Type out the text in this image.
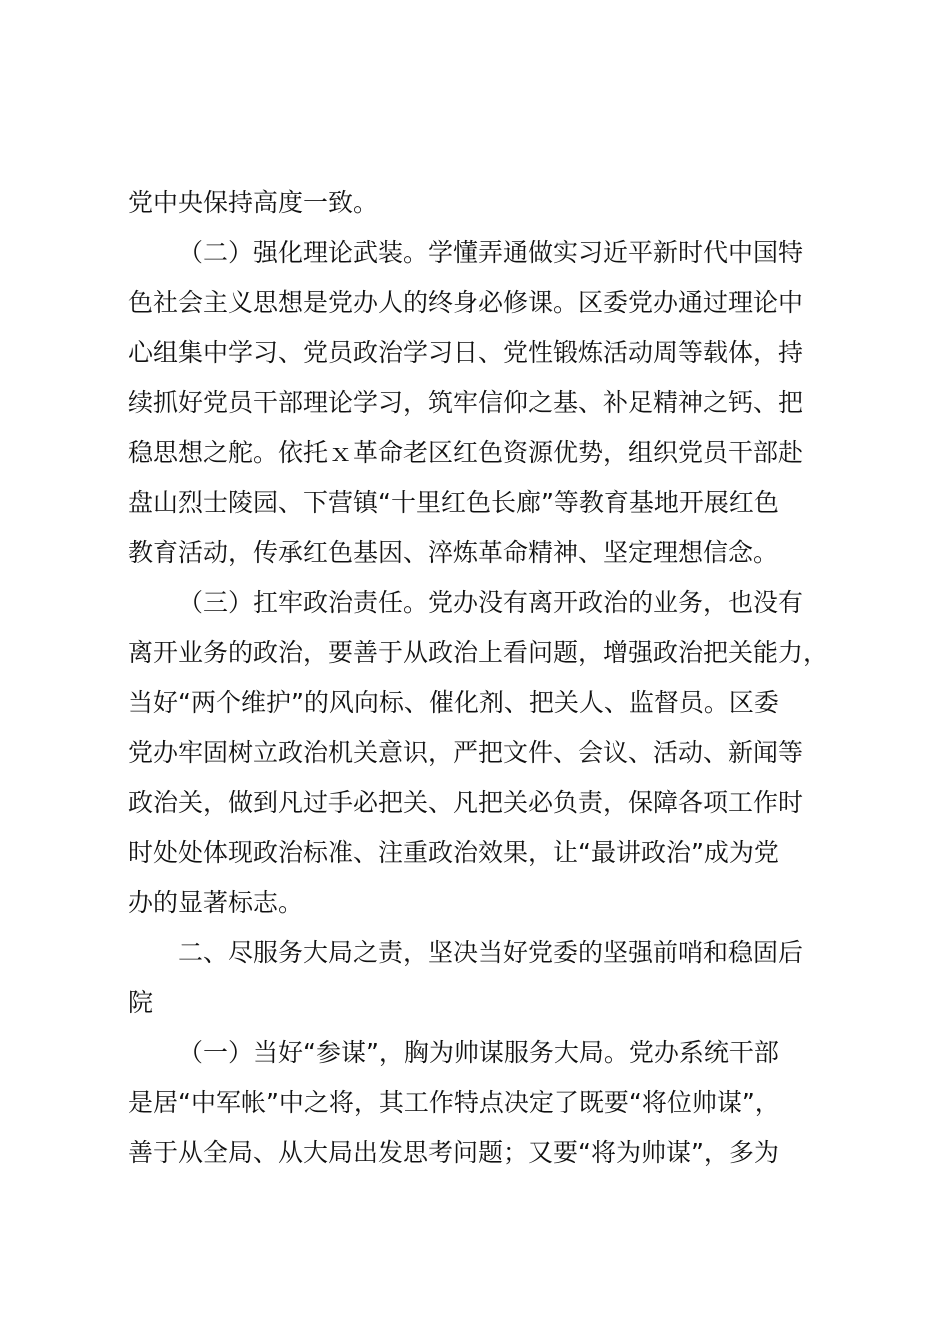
党中央保持高度一致。
（二）强化理论武装。学懂弄通做实习近平新时代中国特
色社会主义思想是党办人的终身必修课。区委党办通过理论中
心组集中学习、党员政治学习日、党性锻炼活动周等载体，持
续抓好党员干部理论学习，筑牢信仰之基、补足精神之钙、把
稳思想之舵。依托ｘ革命老区红色资源优势，组织党员干部赴
盘山烈士陵园、下营镇“十里红色长廊”等教育基地开展红色
教育活动，传承红色基因、淬炼革命精神、坚定理想信念。
（三）扛牢政治责任。党办没有离开政治的业务，也没有
离开业务的政治，要善于从政治上看问题，增强政治把关能力，
当好“两个维护”的风向标、催化剂、把关人、监督员。区委
党办牢固树立政治机关意识，严把文件、会议、活动、新闻等
政治关，做到凡过手必把关、凡把关必负责，保障各项工作时
时处处体现政治标准、注重政治效果，让“最讲政治”成为党
办的显著标志。
二、尽服务大局之责，坚决当好党委的坚强前哨和稳固后
院
（一）当好“参谋”，胸为帅谋服务大局。党办系统干部
是居“中军帐”中之将，其工作特点决定了既要“将位帅谋”，
善于从全局、从大局出发思考问题；又要“将为帅谋”，多为
